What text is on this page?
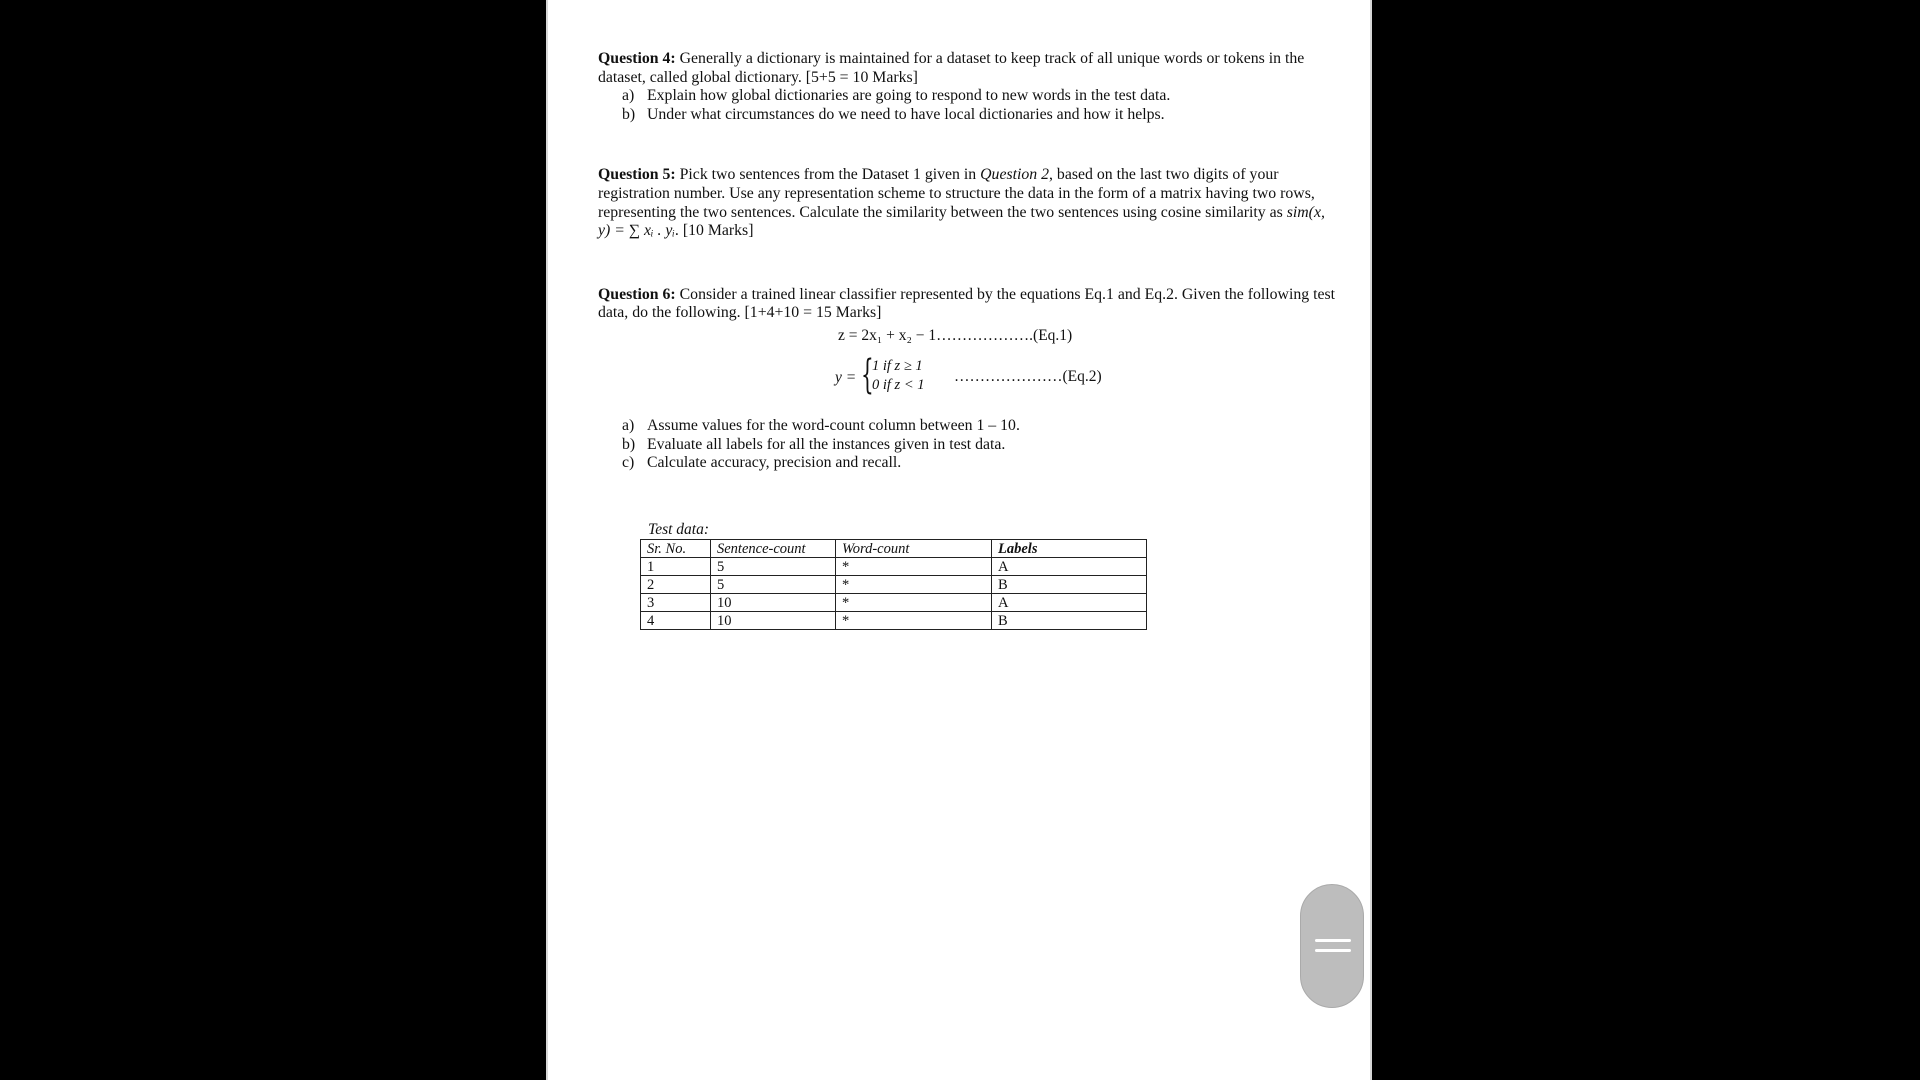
Question 4: Generally a dictionary is maintained for a dataset to keep track of all unique words or tokens in the dataset, called global dictionary. [5+5 = 10 Marks]
a) Explain how global dictionaries are going to respond to new words in the test data.
b) Under what circumstances do we need to have local dictionaries and how it helps.
Question 5: Pick two sentences from the Dataset 1 given in Question 2, based on the last two digits of your registration number. Use any representation scheme to structure the data in the form of a matrix having two rows, representing the two sentences. Calculate the similarity between the two sentences using cosine similarity as sim(x, y) = ∑ xᵢ . yᵢ. [10 Marks]
Question 6: Consider a trained linear classifier represented by the equations Eq.1 and Eq.2. Given the following test data, do the following. [1+4+10 = 15 Marks]
z = 2x₁ + x₂ − 1……………….(Eq.1)
y = {
1 if z ≥ 1
0 if z < 1 …………………(Eq.2)
a) Assume values for the word-count column between 1 – 10.
b) Evaluate all labels for all the instances given in test data.
c) Calculate accuracy, precision and recall.
Test data:
Sr. No.	Sentence-count	Word-count	Labels
1	5	*	A
2	5	*	B
3	10	*	A
4	10	*	B
